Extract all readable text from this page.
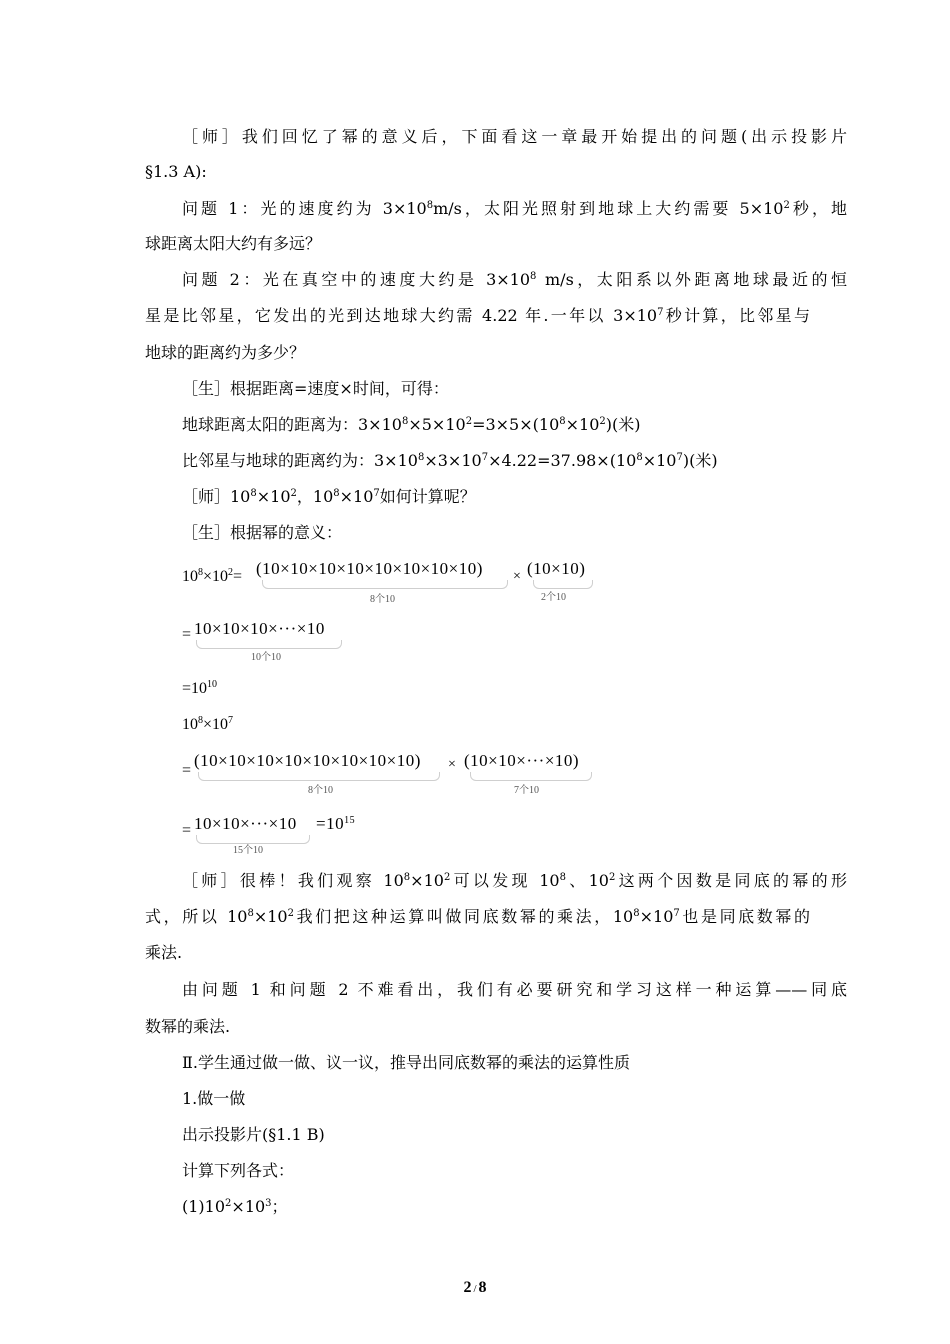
［师］我们回忆了幂的意义后，下面看这一章最开始提出的问题(出示投影片
§1.3 A):
问题 1：光的速度约为 $3\times 10^8m/s$，太阳光照射到地球上大约需要 $5\times 10^2$秒，地
球距离太阳大约有多远？
问题 2：光在真空中的速度大约是 $3\times 10^8$ m/s，太阳系以外距离地球最近的恒
星是比邻星，它发出的光到达地球大约需 4.22 年.一年以 $3\times 10^7$秒计算，比邻星与
地球的距离约为多少？
［生］根据距离=速度×时间，可得：
地球距离太阳的距离为：$3\times 10^8\times 5\times 10^2=3\times 5\times(10^8\times 10^2)$(米)
比邻星与地球的距离约为：$3\times 10^8\times 3\times 10^7\times 4.22=37.98\times(10^8\times 10^7)$(米)
［师$]10^8\times 10^2$，$10^8\times 10^7$如何计算呢？
［生］根据幂的意义：
$10^8\times 10^2= (10\times 10\times 10\times 10\times 10\times 10\times 10\times 10)$
8个10
× (10×10)
2个10
= 10×10×10×···×10
10个10
$=10^{10}$
$10^8\times 10^7$
=
(10×10×10×10×10×10×10×10)
8个10
× (10×10×···×10)
7个10
= 10×10×···×10
15个10
$=10^{15}$
［师］很棒！我们观察 $10^8\times 10^2$可以发现 $10^8$、$10^2$这两个因数是同底的幂的形
式，所以 $10^8\times 10^2$我们把这种运算叫做同底数幂的乘法，$10^8\times 10^7$也是同底数幂的
乘法.
由问题 1 和问题 2 不难看出，我们有必要研究和学习这样一种运算——同底
数幂的乘法.
Ⅱ.学生通过做一做、议一议，推导出同底数幂的乘法的运算性质
1.做一做
出示投影片(§1.1 B)
计算下列各式：
$(1)10^2\times 10^3$；
2 / 8
